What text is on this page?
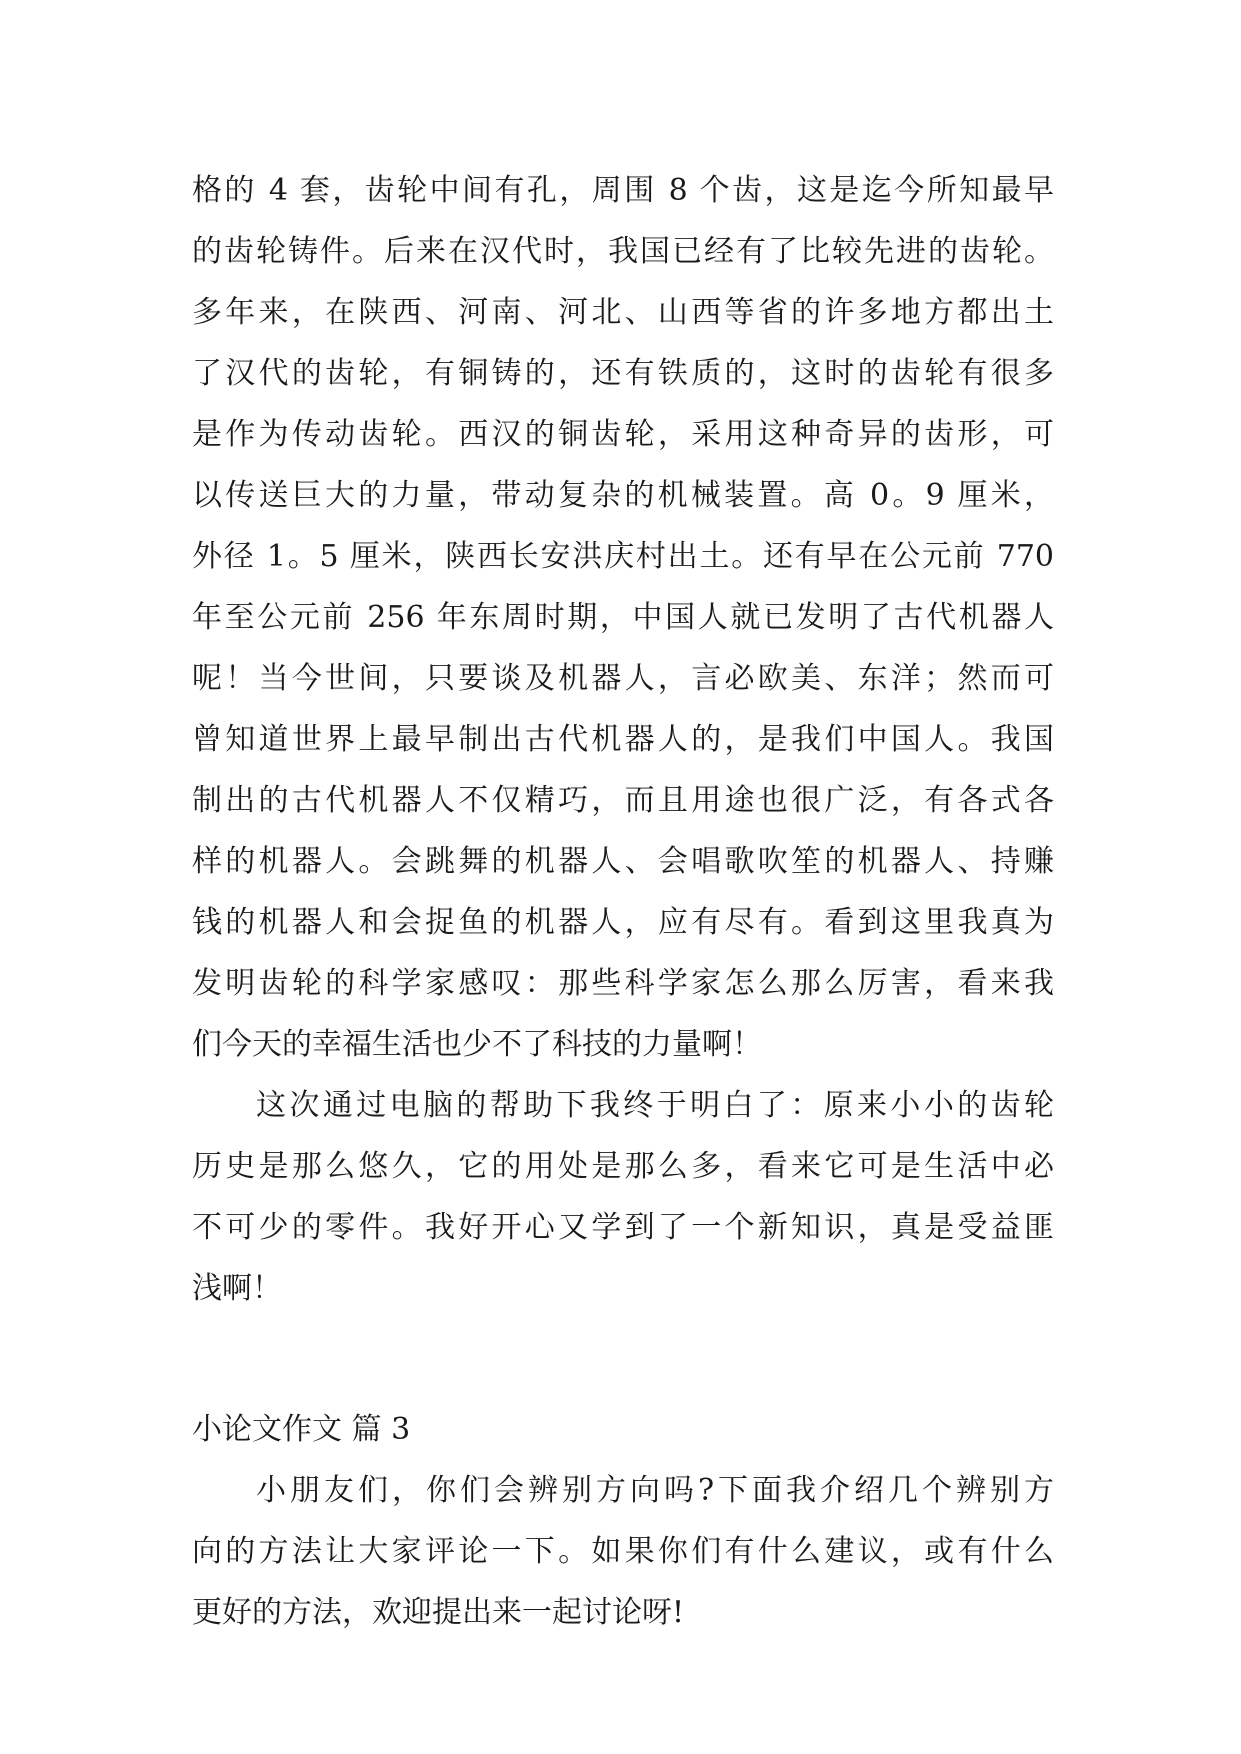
格的 4 套，齿轮中间有孔，周围 8 个齿，这是迄今所知最早
的齿轮铸件。后来在汉代时，我国已经有了比较先进的齿轮。
多年来，在陕西、河南、河北、山西等省的许多地方都出土
了汉代的齿轮，有铜铸的，还有铁质的，这时的齿轮有很多
是作为传动齿轮。西汉的铜齿轮，采用这种奇异的齿形，可
以传送巨大的力量，带动复杂的机械装置。高 0。9 厘米，
外径 1。5 厘米，陕西长安洪庆村出土。还有早在公元前 770
年至公元前 256 年东周时期，中国人就已发明了古代机器人
呢！当今世间，只要谈及机器人，言必欧美、东洋；然而可
曾知道世界上最早制出古代机器人的，是我们中国人。我国
制出的古代机器人不仅精巧，而且用途也很广泛，有各式各
样的机器人。会跳舞的机器人、会唱歌吹笙的机器人、持赚
钱的机器人和会捉鱼的机器人，应有尽有。看到这里我真为
发明齿轮的科学家感叹：那些科学家怎么那么厉害，看来我
们今天的幸福生活也少不了科技的力量啊！
这次通过电脑的帮助下我终于明白了：原来小小的齿轮
历史是那么悠久，它的用处是那么多，看来它可是生活中必
不可少的零件。我好开心又学到了一个新知识，真是受益匪
浅啊！
小论文作文 篇 3
小朋友们，你们会辨别方向吗?下面我介绍几个辨别方
向的方法让大家评论一下。如果你们有什么建议，或有什么
更好的方法，欢迎提出来一起讨论呀!
